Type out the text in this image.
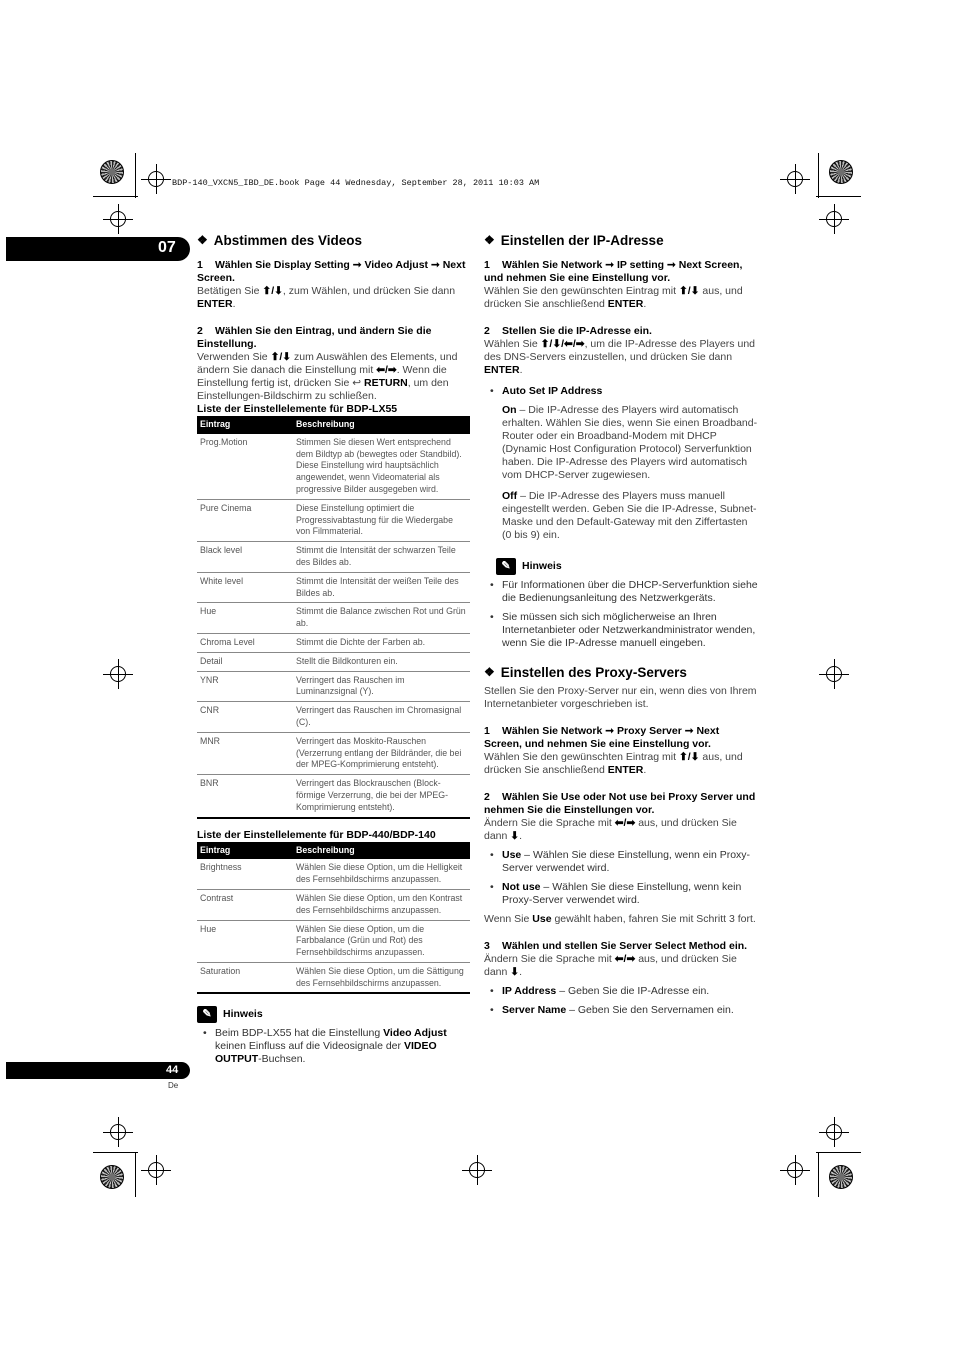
BDP-140_VXCN5_IBD_DE.book Page 44 Wednesday, September 28, 2011 10:03 AM
07
44
De
❖ Abstimmen des Videos

1 Wählen Sie Display Setting ➞ Video Adjust ➞ Next Screen.

Betätigen Sie ⬆/⬇, zum Wählen, und drücken Sie dann ENTER.

2 Wählen Sie den Eintrag, und ändern Sie die Einstellung.

Verwenden Sie ⬆/⬇ zum Auswählen des Elements, und ändern Sie danach die Einstellung mit ⬅/➡. Wenn die Einstellung fertig ist, drücken Sie ↩ RETURN, um den Einstellungen-Bildschirm zu schließen.

Liste der Einstellelemente für BDP-LX55

Eintrag	Beschreibung
Prog.Motion	Stimmen Sie diesen Wert entsprechend dem Bildtyp ab (bewegtes oder Standbild). Diese Einstellung wird hauptsächlich angewendet, wenn Videomaterial als progressive Bilder ausgegeben wird.
Pure Cinema	Diese Einstellung optimiert die Progressivabtastung für die Wiedergabe von Filmmaterial.
Black level	Stimmt die Intensität der schwarzen Teile des Bildes ab.
White level	Stimmt die Intensität der weißen Teile des Bildes ab.
Hue	Stimmt die Balance zwischen Rot und Grün ab.
Chroma Level	Stimmt die Dichte der Farben ab.
Detail	Stellt die Bildkonturen ein.
YNR	Verringert das Rauschen im Luminanzsignal (Y).
CNR	Verringert das Rauschen im Chromasignal (C).
MNR	Verringert das Moskito-Rauschen (Verzerrung entlang der Bildränder, die bei der MPEG-Komprimierung entsteht).
BNR	Verringert das Blockrauschen (Block-förmige Verzerrung, die bei der MPEG-Komprimierung entsteht).

Liste der Einstellelemente für BDP-440/BDP-140

Eintrag	Beschreibung
Brightness	Wählen Sie diese Option, um die Helligkeit des Fernsehbildschirms anzupassen.
Contrast	Wählen Sie diese Option, um den Kontrast des Fernsehbildschirms anzupassen.
Hue	Wählen Sie diese Option, um die Farbbalance (Grün und Rot) des Fernsehbildschirms anzupassen.
Saturation	Wählen Sie diese Option, um die Sättigung des Fernsehbildschirms anzupassen.
✎	Hinweis
• Beim BDP-LX55 hat die Einstellung Video Adjust keinen Einfluss auf die Videosignale der VIDEO OUTPUT-Buchsen.
❖ Einstellen der IP-Adresse

1 Wählen Sie Network ➞ IP setting ➞ Next Screen, und nehmen Sie eine Einstellung vor.

Wählen Sie den gewünschten Eintrag mit ⬆/⬇ aus, und drücken Sie anschließend ENTER.

2 Stellen Sie die IP-Adresse ein.

Wählen Sie ⬆/⬇/⬅/➡, um die IP-Adresse des Players und des DNS-Servers einzustellen, und drücken Sie dann ENTER.

• Auto Set IP Address

On – Die IP-Adresse des Players wird automatisch erhalten. Wählen Sie dies, wenn Sie einen Broadband-Router oder ein Broadband-Modem mit DHCP (Dynamic Host Configuration Protocol) Serverfunktion haben. Die IP-Adresse des Players wird automatisch vom DHCP-Server zugewiesen.

Off – Die IP-Adresse des Players muss manuell eingestellt werden. Geben Sie die IP-Adresse, Subnet-Maske und den Default-Gateway mit den Ziffertasten (0 bis 9) ein.

✎	Hinweis
• Für Informationen über die DHCP-Serverfunktion siehe die Bedienungsanleitung des Netzwerkgeräts.
• Sie müssen sich sich möglicherweise an Ihren Internetanbieter oder Netzwerkandministrator wenden, wenn Sie die IP-Adresse manuell eingeben.
❖ Einstellen des Proxy-Servers

Stellen Sie den Proxy-Server nur ein, wenn dies von Ihrem Internetanbieter vorgeschrieben ist.

1 Wählen Sie Network ➞ Proxy Server ➞ Next Screen, und nehmen Sie eine Einstellung vor.

Wählen Sie den gewünschten Eintrag mit ⬆/⬇ aus, und drücken Sie anschließend ENTER.

2 Wählen Sie Use oder Not use bei Proxy Server und nehmen Sie die Einstellungen vor.

Ändern Sie die Sprache mit ⬅/➡ aus, und drücken Sie dann ⬇.

• Use – Wählen Sie diese Einstellung, wenn ein Proxy-Server verwendet wird.
• Not use – Wählen Sie diese Einstellung, wenn kein Proxy-Server verwendet wird.

Wenn Sie Use gewählt haben, fahren Sie mit Schritt 3 fort.

3 Wählen und stellen Sie Server Select Method ein.

Ändern Sie die Sprache mit ⬅/➡ aus, und drücken Sie dann ⬇.

• IP Address – Geben Sie die IP-Adresse ein.
• Server Name – Geben Sie den Servernamen ein.
